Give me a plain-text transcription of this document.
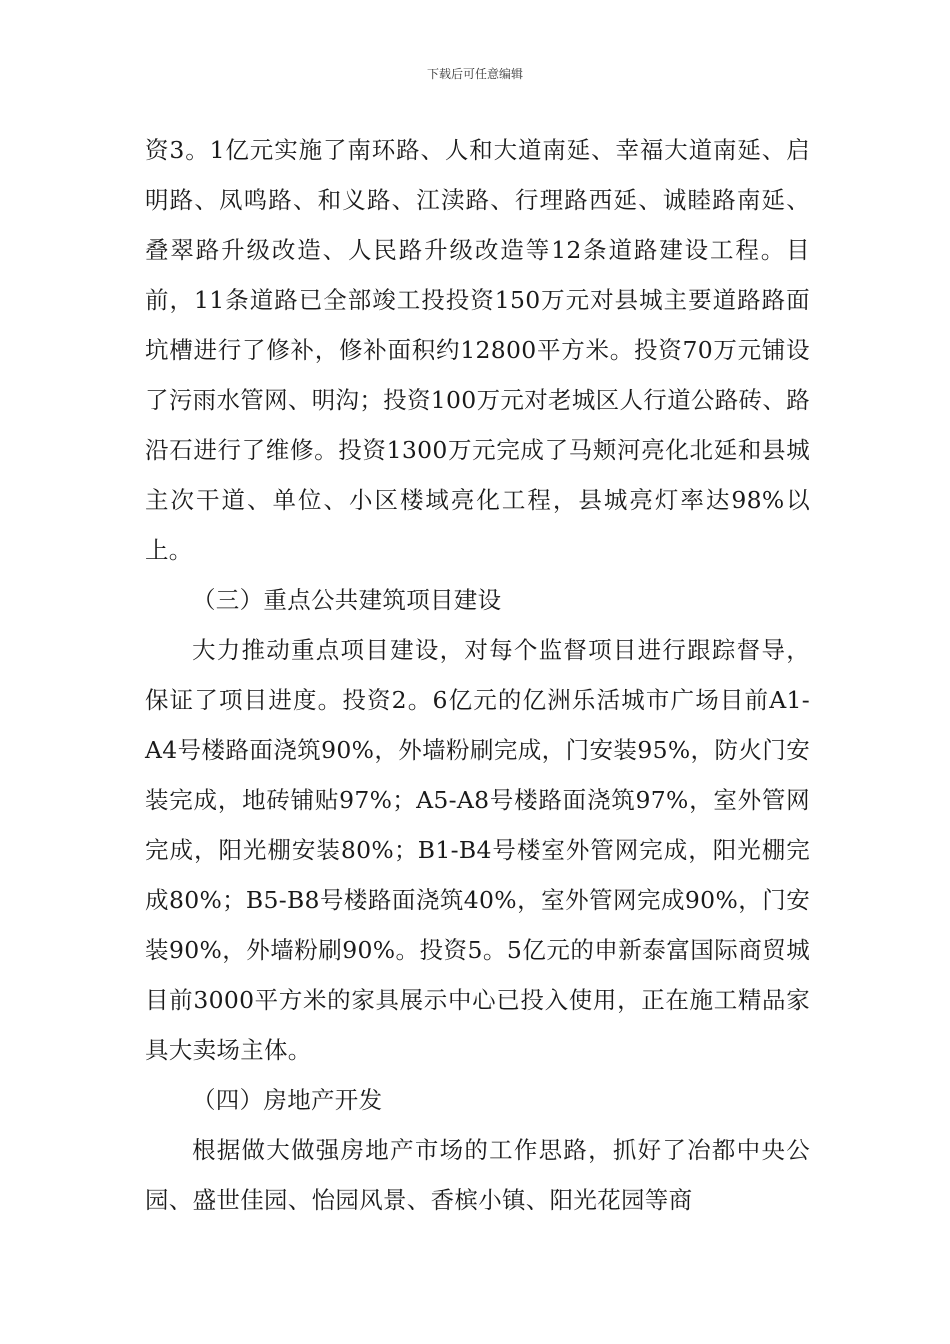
下载后可任意编辑

资3。1亿元实施了南环路、人和大道南延、幸福大道南延、启明路、凤鸣路、和义路、江渎路、行理路西延、诚睦路南延、叠翠路升级改造、人民路升级改造等12条道路建设工程。目前，11条道路已全部竣工投投资150万元对县城主要道路路面坑槽进行了修补，修补面积约12800平方米。投资70万元铺设了污雨水管网、明沟；投资100万元对老城区人行道公路砖、路沿石进行了维修。投资1300万元完成了马颊河亮化北延和县城主次干道、单位、小区楼域亮化工程，县城亮灯率达98%以上。

（三）重点公共建筑项目建设

大力推动重点项目建设，对每个监督项目进行跟踪督导，保证了项目进度。投资2。6亿元的亿洲乐活城市广场目前A1-A4号楼路面浇筑90%，外墙粉刷完成，门安装95%，防火门安装完成，地砖铺贴97%；A5-A8号楼路面浇筑97%，室外管网完成，阳光棚安装80%；B1-B4号楼室外管网完成，阳光棚完成80%；B5-B8号楼路面浇筑40%，室外管网完成90%，门安装90%，外墙粉刷90%。投资5。5亿元的申新泰富国际商贸城目前3000平方米的家具展示中心已投入使用，正在施工精品家具大卖场主体。

（四）房地产开发

根据做大做强房地产市场的工作思路，抓好了冶都中央公园、盛世佳园、怡园风景、香槟小镇、阳光花园等商
